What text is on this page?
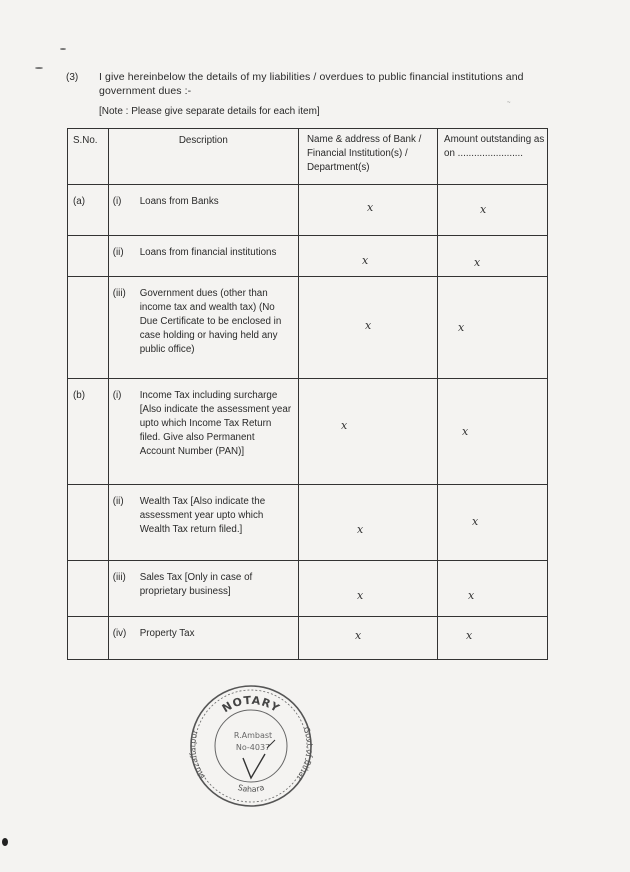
(3) I give hereinbelow the details of my liabilities / overdues to public financial institutions and government dues :-
[Note : Please give separate details for each item]
~
S.No.	Description	Name & address of Bank / Financial Institution(s) / Department(s)	Amount outstanding as on ........................
(a)	(i) Loans from Banks	x	x

	(ii) Loans from financial institutions	x	x

	(iii) Government dues (other than income tax and wealth tax) (No Due Certificate to be enclosed in case holding or having held any public office)	x	x

(b)	(i) Income Tax including surcharge [Also indicate the assessment year upto which Income Tax Return filed. Give also Permanent Account Number (PAN)]	x	x

	(ii) Wealth Tax [Also indicate the assessment year upto which Wealth Tax return filed.]	x	x

	(iii) Sales Tax [Only in case of proprietary business]	x	x

	(iv) Property Tax	x	x
NOTARY
Muzaffarpur	Govt.of Bihar
Sahara
R.Ambast
No-4037
